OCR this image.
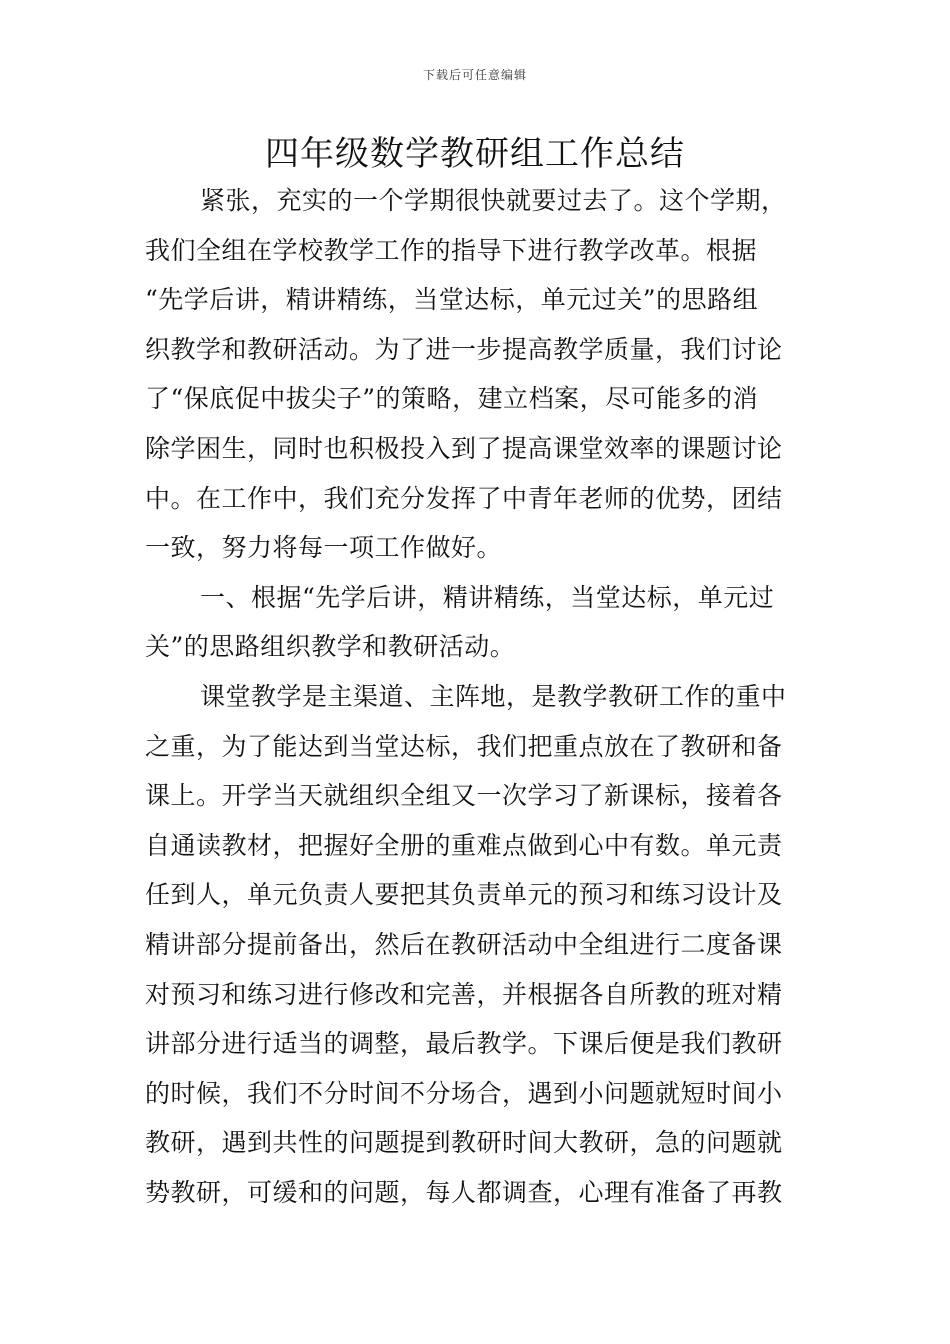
下载后可任意编辑
四年级数学教研组工作总结
紧张，充实的一个学期很快就要过去了。这个学期，
我们全组在学校教学工作的指导下进行教学改革。根据
“先学后讲，精讲精练，当堂达标，单元过关”的思路组
织教学和教研活动。为了进一步提高教学质量，我们讨论
了“保底促中拔尖子”的策略，建立档案，尽可能多的消
除学困生，同时也积极投入到了提高课堂效率的课题讨论
中。在工作中，我们充分发挥了中青年老师的优势，团结
一致，努力将每一项工作做好。
一、根据“先学后讲，精讲精练，当堂达标，单元过
关”的思路组织教学和教研活动。
课堂教学是主渠道、主阵地，是教学教研工作的重中
之重，为了能达到当堂达标，我们把重点放在了教研和备
课上。开学当天就组织全组又一次学习了新课标，接着各
自通读教材，把握好全册的重难点做到心中有数。单元责
任到人，单元负责人要把其负责单元的预习和练习设计及
精讲部分提前备出，然后在教研活动中全组进行二度备课
对预习和练习进行修改和完善，并根据各自所教的班对精
讲部分进行适当的调整，最后教学。下课后便是我们教研
的时候，我们不分时间不分场合，遇到小问题就短时间小
教研，遇到共性的问题提到教研时间大教研，急的问题就
势教研，可缓和的问题，每人都调查，心理有准备了再教
